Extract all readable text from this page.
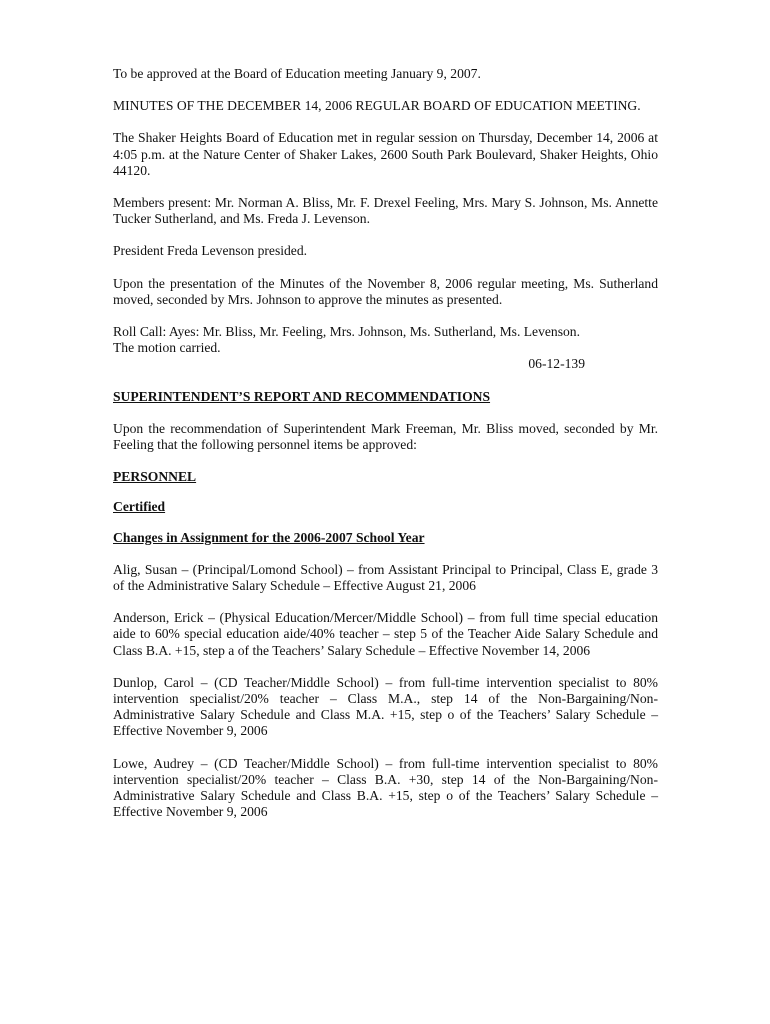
To be approved at the Board of Education meeting January 9, 2007.

MINUTES OF THE DECEMBER 14, 2006 REGULAR BOARD OF EDUCATION MEETING.

The Shaker Heights Board of Education met in regular session on Thursday, December 14, 2006 at 4:05 p.m. at the Nature Center of Shaker Lakes, 2600 South Park Boulevard, Shaker Heights, Ohio 44120.

Members present: Mr. Norman A. Bliss, Mr. F. Drexel Feeling, Mrs. Mary S. Johnson, Ms. Annette Tucker Sutherland, and Ms. Freda J. Levenson.

President Freda Levenson presided.

Upon the presentation of the Minutes of the November 8, 2006 regular meeting, Ms. Sutherland moved, seconded by Mrs. Johnson to approve the minutes as presented.

Roll Call: Ayes: Mr. Bliss, Mr. Feeling, Mrs. Johnson, Ms. Sutherland, Ms. Levenson.

The motion carried.

06-12-139

SUPERINTENDENT’S REPORT AND RECOMMENDATIONS

Upon the recommendation of Superintendent Mark Freeman, Mr. Bliss moved, seconded by Mr. Feeling that the following personnel items be approved:

PERSONNEL

Certified

Changes in Assignment for the 2006-2007 School Year

Alig, Susan – (Principal/Lomond School) – from Assistant Principal to Principal, Class E, grade 3 of the Administrative Salary Schedule – Effective August 21, 2006

Anderson, Erick – (Physical Education/Mercer/Middle School) – from full time special education aide to 60% special education aide/40% teacher – step 5 of the Teacher Aide Salary Schedule and Class B.A. +15, step a of the Teachers’ Salary Schedule – Effective November 14, 2006

Dunlop, Carol – (CD Teacher/Middle School) – from full-time intervention specialist to 80% intervention specialist/20% teacher – Class M.A., step 14 of the Non-Bargaining/Non-Administrative Salary Schedule and Class M.A. +15, step o of the Teachers’ Salary Schedule – Effective November 9, 2006

Lowe, Audrey – (CD Teacher/Middle School) – from full-time intervention specialist to 80% intervention specialist/20% teacher – Class B.A. +30, step 14 of the Non-Bargaining/Non-Administrative Salary Schedule and Class B.A. +15, step o of the Teachers’ Salary Schedule – Effective November 9, 2006
